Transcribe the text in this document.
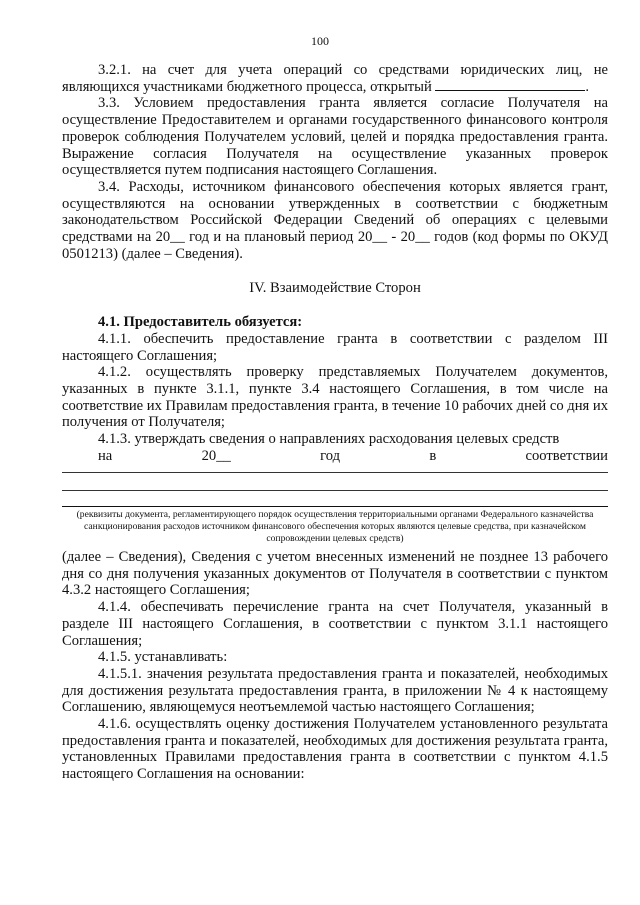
100

3.2.1. на счет для учета операций со средствами юридических лиц, не являющихся участниками бюджетного процесса, открытый	.

3.3. Условием предоставления гранта является согласие Получателя на осуществление Предоставителем и органами государственного финансового контроля проверок соблюдения Получателем условий, целей и порядка предоставления гранта. Выражение согласия Получателя на осуществление указанных проверок осуществляется путем подписания настоящего Соглашения.

3.4. Расходы, источником финансового обеспечения которых является грант, осуществляются на основании утвержденных в соответствии с бюджетным законодательством Российской Федерации Сведений об операциях с целевыми средствами на 20__ год и на плановый период 20__ - 20__ годов (код формы по ОКУД 0501213) (далее – Сведения).

IV. Взаимодействие Сторон

4.1. Предоставитель обязуется:

4.1.1. обеспечить предоставление гранта в соответствии с разделом III настоящего Соглашения;

4.1.2. осуществлять проверку представляемых Получателем документов, указанных в пункте 3.1.1, пункте 3.4 настоящего Соглашения, в том числе на соответствие их Правилам предоставления гранта, в течение 10 рабочих дней со дня их получения от Получателя;

4.1.3. утверждать сведения о направлениях расходования целевых средств

на	20__	год	в	соответствии
(реквизиты документа, регламентирующего порядок осуществления территориальными органами Федерального казначейства санкционирования расходов источником финансового обеспечения которых являются целевые средства, при казначейском сопровождении целевых средств)

(далее – Сведения), Сведения с учетом внесенных изменений не позднее 13 рабочего дня со дня получения указанных документов от Получателя в соответствии с пунктом 4.3.2 настоящего Соглашения;

4.1.4. обеспечивать перечисление гранта на счет Получателя, указанный в разделе III настоящего Соглашения, в соответствии с пунктом 3.1.1 настоящего Соглашения;

4.1.5. устанавливать:

4.1.5.1. значения результата предоставления гранта и показателей, необходимых для достижения результата предоставления гранта, в приложении № 4 к настоящему Соглашению, являющемуся неотъемлемой частью настоящего Соглашения;

4.1.6. осуществлять оценку достижения Получателем установленного результата предоставления гранта и показателей, необходимых для достижения результата гранта, установленных Правилами предоставления гранта в соответствии с пунктом 4.1.5 настоящего Соглашения на основании:
